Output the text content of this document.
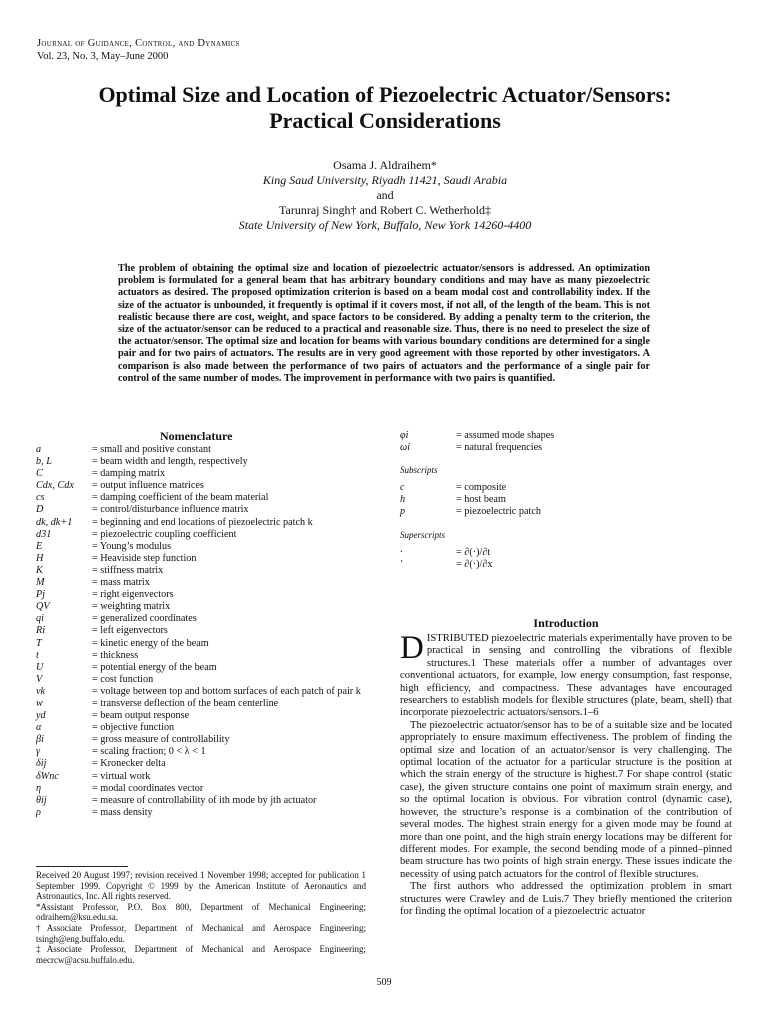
Journal of Guidance, Control, and Dynamics
Vol. 23, No. 3, May–June 2000
Optimal Size and Location of Piezoelectric Actuator/Sensors:
Practical Considerations
Osama J. Aldraihem*
King Saud University, Riyadh 11421, Saudi Arabia
and
Tarunraj Singh† and Robert C. Wetherhold‡
State University of New York, Buffalo, New York 14260-4400
The problem of obtaining the optimal size and location of piezoelectric actuator/sensors is addressed. An optimization problem is formulated for a general beam that has arbitrary boundary conditions and may have as many piezoelectric actuators as desired. The proposed optimization criterion is based on a beam modal cost and controllability index. If the size of the actuator is unbounded, it frequently is optimal if it covers most, if not all, of the length of the beam. This is not realistic because there are cost, weight, and space factors to be considered. By adding a penalty term to the criterion, the size of the actuator/sensor can be reduced to a practical and reasonable size. Thus, there is no need to preselect the size of the actuator/sensor. The optimal size and location for beams with various boundary conditions are determined for a single pair and for two pairs of actuators. The results are in very good agreement with those reported by other investigators. A comparison is also made between the performance of two pairs of actuators and the performance of a single pair for control of the same number of modes. The improvement in performance with two pairs is quantified.
Nomenclature
a	= small and positive constant
b, L	= beam width and length, respectively
C	= damping matrix
Cdx, Cdx	= output influence matrices
cs	= damping coefficient of the beam material
D	= control/disturbance influence matrix
dk, dk+1	= beginning and end locations of piezoelectric patch k
d31	= piezoelectric coupling coefficient
E	= Young’s modulus
H	= Heaviside step function
K	= stiffness matrix
M	= mass matrix
Pj	= right eigenvectors
QV	= weighting matrix
qi	= generalized coordinates
Ri	= left eigenvectors
T	= kinetic energy of the beam
t	= thickness
U	= potential energy of the beam
V	= cost function
vk	= voltage between top and bottom surfaces of each patch of pair k
w	= transverse deflection of the beam centerline
yd	= beam output response
α	= objective function
βi	= gross measure of controllability
γ	= scaling fraction; 0 < λ < 1
δij	= Kronecker delta
δWnc	= virtual work
η	= modal coordinates vector
θij	= measure of controllability of ith mode by jth actuator
ρ	= mass density
φi	= assumed mode shapes
ωi	= natural frequencies
Subscripts
c	= composite
h	= host beam
p	= piezoelectric patch
Superscripts
·	= ∂(·)/∂t
′	= ∂(·)/∂x

Received 20 August 1997; revision received 1 November 1998; accepted for publication 1 September 1999. Copyright © 1999 by the American Institute of Aeronautics and Astronautics, Inc. All rights reserved.

*Assistant Professor, P.O. Box 800, Department of Mechanical Engineering; odraihem@ksu.edu.sa.

†Associate Professor, Department of Mechanical and Aerospace Engineering; tsingh@eng.buffalo.edu.

‡Associate Professor, Department of Mechanical and Aerospace Engineering; mecrcw@acsu.buffalo.edu.

Introduction

DISTRIBUTED piezoelectric materials experimentally have proven to be practical in sensing and controlling the vibrations of flexible structures.1 These materials offer a number of advantages over conventional actuators, for example, low energy consumption, fast response, high efficiency, and compactness. These advantages have encouraged researchers to establish models for flexible structures (plate, beam, shell) that incorporate piezoelectric actuators/sensors.1–6

The piezoelectric actuator/sensor has to be of a suitable size and be located appropriately to ensure maximum effectiveness. The problem of finding the optimal size and location of an actuator/sensor is very challenging. The optimal location of the actuator for a particular structure is the position at which the strain energy of the structure is highest.7 For shape control (static case), the given structure contains one point of maximum strain energy, and so the optimal location is obvious. For vibration control (dynamic case), however, the structure’s response is a combination of the contribution of several modes. The highest strain energy for a given mode may be found at more than one point, and the high strain energy locations may be different for different modes. For example, the second bending mode of a pinned–pinned beam structure has two points of high strain energy. These issues indicate the necessity of using patch actuators for the control of flexible structures.

The first authors who addressed the optimization problem in smart structures were Crawley and de Luis.7 They briefly mentioned the criterion for finding the optimal location of a piezoelectric actuator

509
